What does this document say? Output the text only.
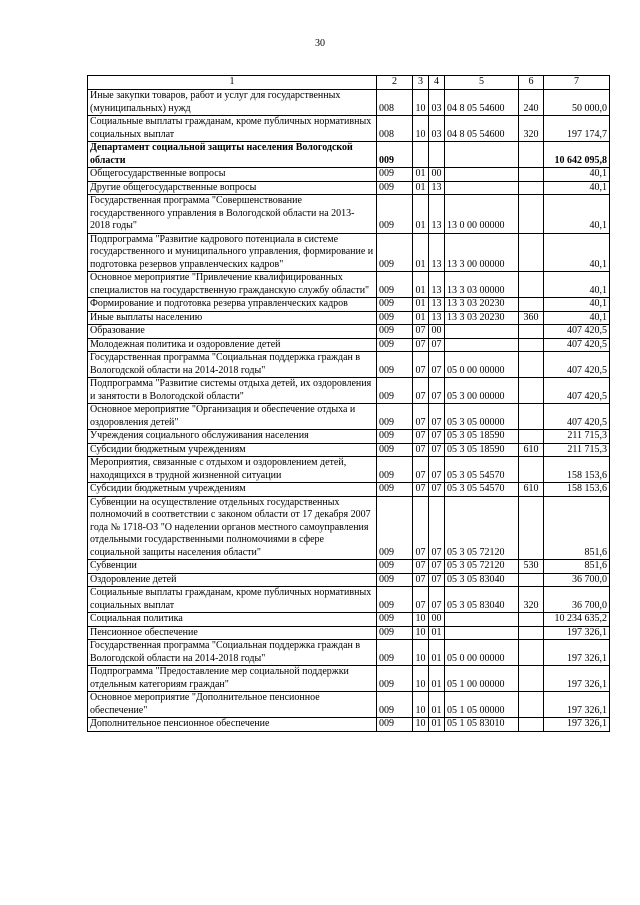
30
1	2	3	4	5	6	7
Иные закупки товаров, работ и услуг для государственных (муниципальных) нужд	008	10	03	04 8 05 54600	240	50 000,0
Социальные выплаты гражданам, кроме публичных нормативных социальных выплат	008	10	03	04 8 05 54600	320	197 174,7
Департамент социальной защиты населения Вологодской области	009					10 642 095,8
Общегосударственные вопросы	009	01	00			40,1
Другие общегосударственные вопросы	009	01	13			40,1
Государственная программа "Совершенствование государственного управления в Вологодской области на 2013-2018 годы"	009	01	13	13 0 00 00000		40,1
Подпрограмма "Развитие кадрового потенциала в системе государственного и муниципального управления, формирование и подготовка резервов управленческих кадров"	009	01	13	13 3 00 00000		40,1
Основное мероприятие "Привлечение квалифицированных специалистов на государственную гражданскую службу области"	009	01	13	13 3 03 00000		40,1
Формирование и подготовка резерва управленческих кадров	009	01	13	13 3 03 20230		40,1
Иные выплаты населению	009	01	13	13 3 03 20230	360	40,1
Образование	009	07	00			407 420,5
Молодежная политика и оздоровление детей	009	07	07			407 420,5
Государственная программа "Социальная поддержка граждан в Вологодской области на 2014-2018 годы"	009	07	07	05 0 00 00000		407 420,5
Подпрограмма "Развитие системы отдыха детей, их оздоровления и занятости в Вологодской области"	009	07	07	05 3 00 00000		407 420,5
Основное мероприятие "Организация и обеспечение отдыха и оздоровления детей"	009	07	07	05 3 05 00000		407 420,5
Учреждения социального обслуживания населения	009	07	07	05 3 05 18590		211 715,3
Субсидии бюджетным учреждениям	009	07	07	05 3 05 18590	610	211 715,3
Мероприятия, связанные с отдыхом и оздоровлением детей, находящихся в трудной жизненной ситуации	009	07	07	05 3 05 54570		158 153,6
Субсидии бюджетным учреждениям	009	07	07	05 3 05 54570	610	158 153,6
Субвенции на осуществление отдельных государственных полномочий в соответствии с законом области от 17 декабря 2007 года № 1718-ОЗ "О наделении органов местного самоуправления отдельными государственными полномочиями в сфере социальной защиты населения области"	009	07	07	05 3 05 72120		851,6
Субвенции	009	07	07	05 3 05 72120	530	851,6
Оздоровление детей	009	07	07	05 3 05 83040		36 700,0
Социальные выплаты гражданам, кроме публичных нормативных социальных выплат	009	07	07	05 3 05 83040	320	36 700,0
Социальная политика	009	10	00			10 234 635,2
Пенсионное обеспечение	009	10	01			197 326,1
Государственная программа "Социальная поддержка граждан в Вологодской области на 2014-2018 годы"	009	10	01	05 0 00 00000		197 326,1
Подпрограмма "Предоставление мер социальной поддержки отдельным категориям граждан"	009	10	01	05 1 00 00000		197 326,1
Основное мероприятие "Дополнительное пенсионное обеспечение"	009	10	01	05 1 05 00000		197 326,1
Дополнительное пенсионное обеспечение	009	10	01	05 1 05 83010		197 326,1
